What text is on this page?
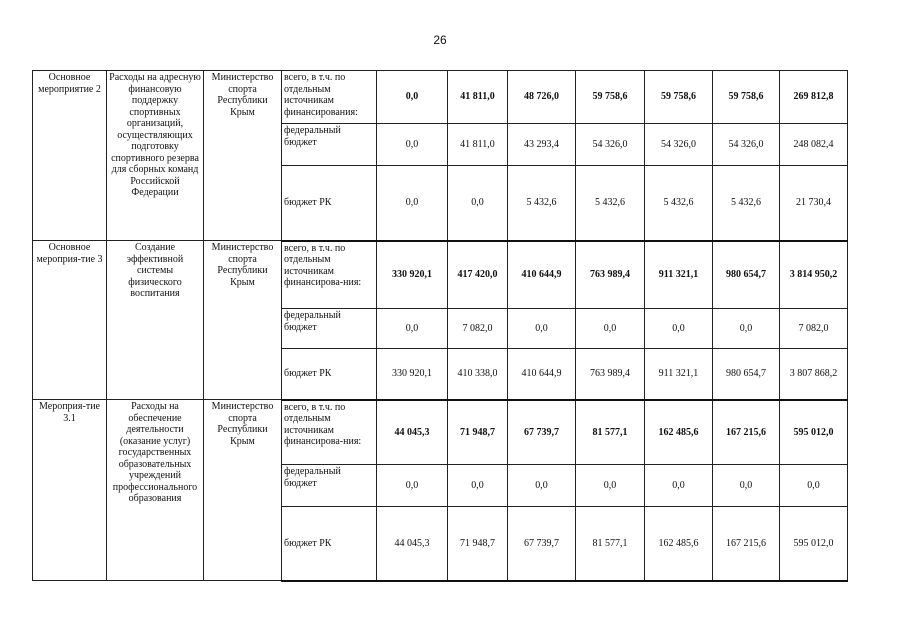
26
Основное мероприятие 2	Расходы на адресную финансовую поддержку спортивных организаций, осуществляющих подготовку спортивного резерва для сборных команд Российской Федерации	Министерство спорта Республики Крым	всего, в т.ч. по отдельным источникам финансирования:	0,0	41 811,0	48 726,0	59 758,6	59 758,6	59 758,6	269 812,8
			федеральный бюджет	0,0	41 811,0	43 293,4	54 326,0	54 326,0	54 326,0	248 082,4
			бюджет РК	0,0	0,0	5 432,6	5 432,6	5 432,6	5 432,6	21 730,4
Основное мероприя-тие 3	Создание эффективной системы физического воспитания	Министерство спорта Республики Крым	всего, в т.ч. по отдельным источникам финансирова-ния:	330 920,1	417 420,0	410 644,9	763 989,4	911 321,1	980 654,7	3 814 950,2
			федеральный бюджет	0,0	7 082,0	0,0	0,0	0,0	0,0	7 082,0
			бюджет РК	330 920,1	410 338,0	410 644,9	763 989,4	911 321,1	980 654,7	3 807 868,2
Мероприя-тие 3.1	Расходы на обеспечение деятельности (оказание услуг) государственных образовательных учреждений профессионального образования	Министерство спорта Республики Крым	всего, в т.ч. по отдельным источникам финансирова-ния:	44 045,3	71 948,7	67 739,7	81 577,1	162 485,6	167 215,6	595 012,0
			федеральный бюджет	0,0	0,0	0,0	0,0	0,0	0,0	0,0
			бюджет РК	44 045,3	71 948,7	67 739,7	81 577,1	162 485,6	167 215,6	595 012,0
